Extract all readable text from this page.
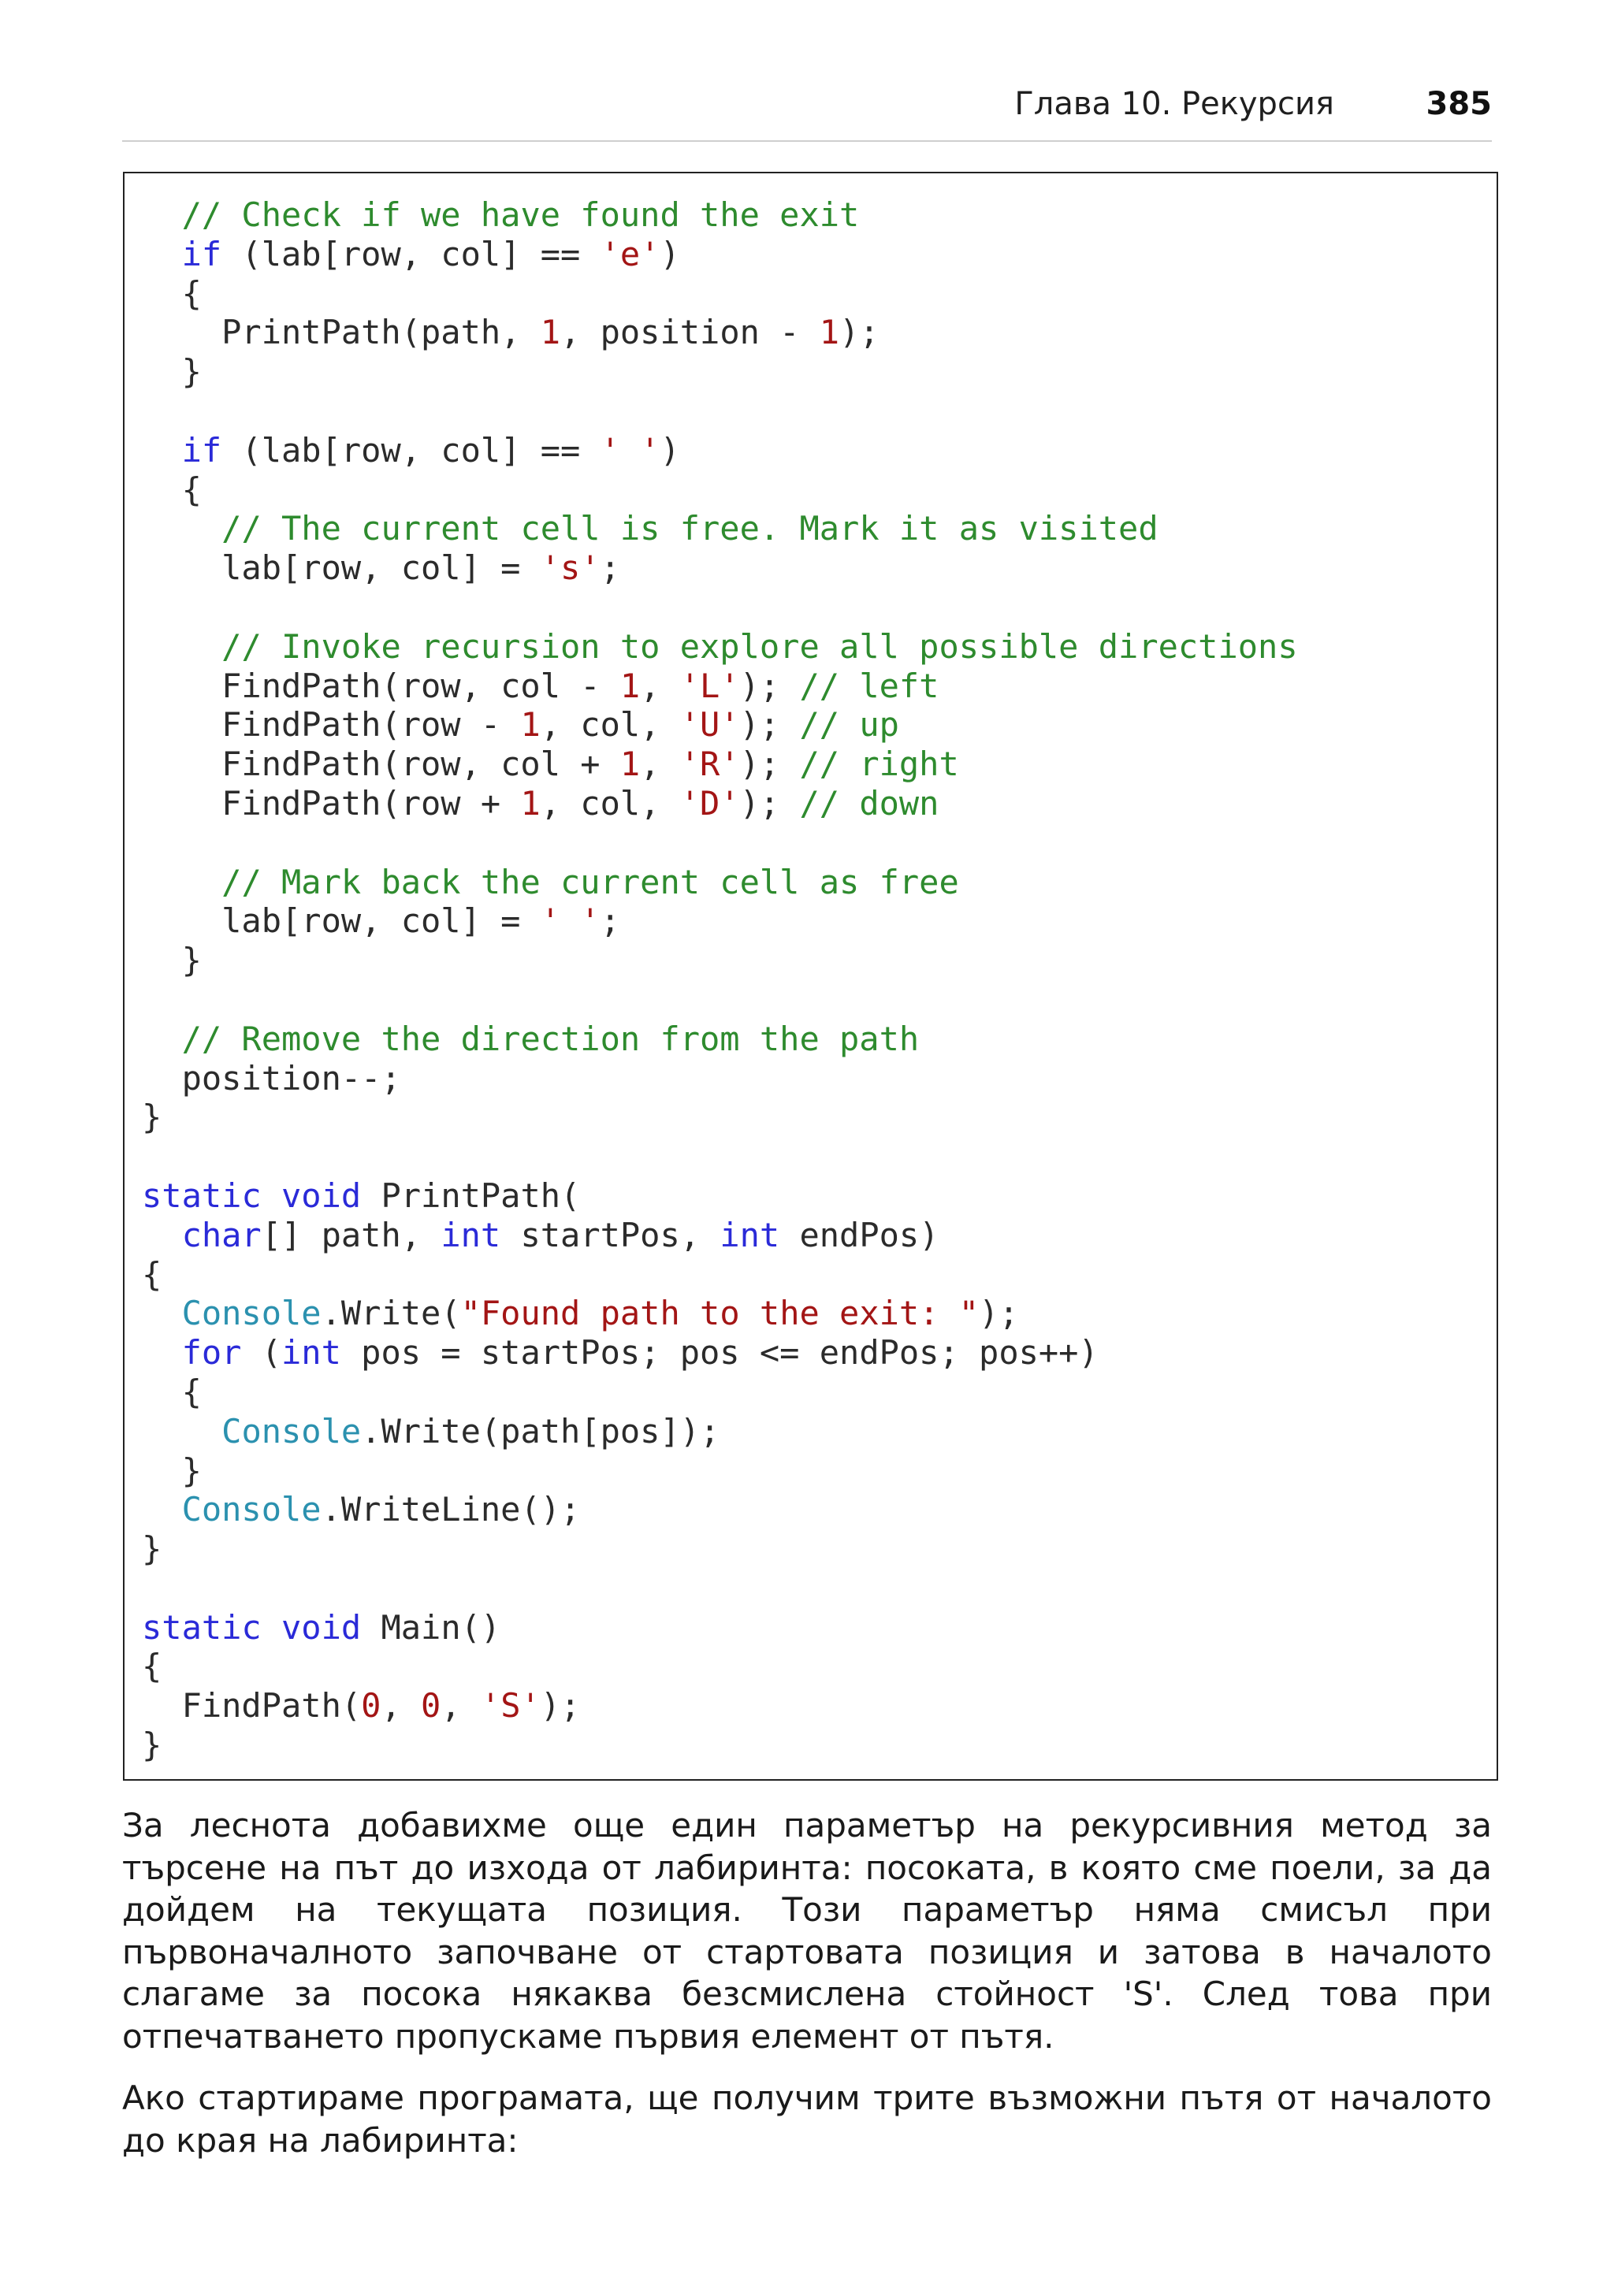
Глава 10. Рекурсия	385
// Check if we have found the exit
if (lab[row, col] == 'e')
{
PrintPath(path, 1, position - 1);
}

if (lab[row, col] == ' ')
{
// The current cell is free. Mark it as visited
lab[row, col] = 's';

// Invoke recursion to explore all possible directions
FindPath(row, col - 1, 'L'); // left
FindPath(row - 1, col, 'U'); // up
FindPath(row, col + 1, 'R'); // right
FindPath(row + 1, col, 'D'); // down

// Mark back the current cell as free
lab[row, col] = ' ';
}

// Remove the direction from the path
position--;
}

static void PrintPath(
char[] path, int startPos, int endPos)
{
Console.Write("Found path to the exit: ");
for (int pos = startPos; pos <= endPos; pos++)
{
Console.Write(path[pos]);
}
Console.WriteLine();
}

static void Main()
{
FindPath(0, 0, 'S');
}
За леснота добавихме още един параметър на рекурсивния метод за търсене на път до изхода от лабиринта: посоката, в която сме поели, за да дойдем на текущата позиция. Този параметър няма смисъл при първоначалното започване от стартовата позиция и затова в началото слагаме за посока някаква безсмислена стойност 'S'. След това при отпечатването пропускаме първия елемент от пътя.
Ако стартираме програмата, ще получим трите възможни пътя от началото до края на лабиринта:
